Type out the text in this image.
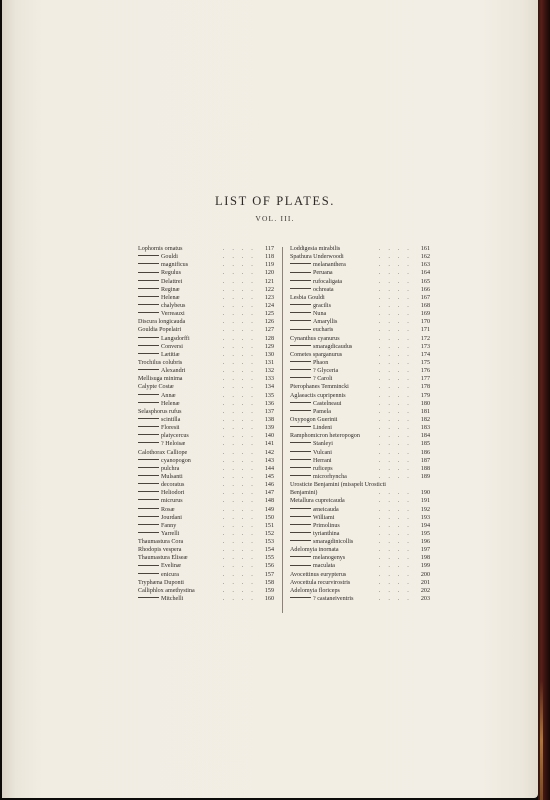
LIST OF PLATES.
VOL. III.
Lophornis ornatus	. . . .	117
Gouldi	. . . .	118
magnificus	. . . .	119
Regulus	. . . .	120
Delattrei	. . . .	121
Reginæ	. . . .	122
Helenæ	. . . .	123
chalybeus	. . . .	124
Verreauxi	. . . .	125
Discura longicauda	. . . .	126
Gouldia Popelairi	. . . .	127
Langsdorffi	. . . .	128
Conversi	. . . .	129
Lætitiæ	. . . .	130
Trochilus colubris	. . . .	131
Alexandri	. . . .	132
Mellisuga minima	. . . .	133
Calypte Costæ	. . . .	134
Annæ	. . . .	135
Helenæ	. . . .	136
Selasphorus rufus	. . . .	137
scintilla	. . . .	138
Floresii	. . . .	139
platycercus	. . . .	140
? Heloisæ	. . . .	141
Calothorax Calliope	. . . .	142
cyanopogon	. . . .	143
pulchra	. . . .	144
Mulsanti	. . . .	145
decoratus	. . . .	146
Heliodori	. . . .	147
micrurus	. . . .	148
Rosæ	. . . .	149
Jourdani	. . . .	150
Fanny	. . . .	151
Yarrelli	. . . .	152
Thaumastura Cora	. . . .	153
Rhodopis vesperа	. . . .	154
Thaumastura Eliseæ	. . . .	155
Evelinæ	. . . .	156
enicura	. . . .	157
Tryphæna Duponti	. . . .	158
Calliphlox amethystina	. . . .	159
Mitchelli	. . . .	160
Loddigesia mirabilis	. . . .	161
Spathura Underwoodi	. . . .	162
melananthera	. . . .	163
Peruana	. . . .	164
rufocaligata	. . . .	165
ochreata	. . . .	166
Lesbia Gouldi	. . . .	167
gracilis	. . . .	168
Nuna	. . . .	169
Amaryllis	. . . .	170
eucharis	. . . .	171
Cynanthus cyanurus	. . . .	172
smaragdicaudus	. . . .	173
Cometes sparganurus	. . . .	174
Phaon	. . . .	175
? Glyceria	. . . .	176
? Caroli	. . . .	177
Pterophanes Temmincki	. . . .	178
Aglaeactis cupripennis	. . . .	179
Castelneaui	. . . .	180
Pamela	. . . .	181
Oxypogon Guerinii	. . . .	182
Lindeni	. . . .	183
Ramphomicron heteropogon	. . . .	184
Stanleyi	. . . .	185
Vulcani	. . . .	186
Herrani	. . . .	187
ruficeps	. . . .	188
microrhyncha	. . . .	189
Urosticte Benjamini (misspelt Urosticti
Benjamini)	. . . .	190
Metallura cupreicauda	. . . .	191
æneicauda	. . . .	192
Williami	. . . .	193
Primolinus	. . . .	194
tyrianthina	. . . .	195
smaragdinicollis	. . . .	196
Adelomyia inornata	. . . .	197
melanogenys	. . . .	198
maculata	. . . .	199
Avocettinus eurypterus	. . . .	200
Avocettula recurvirostris	. . . .	201
Adelomyia floriceps	. . . .	202
? castaneiventris	. . . .	203
